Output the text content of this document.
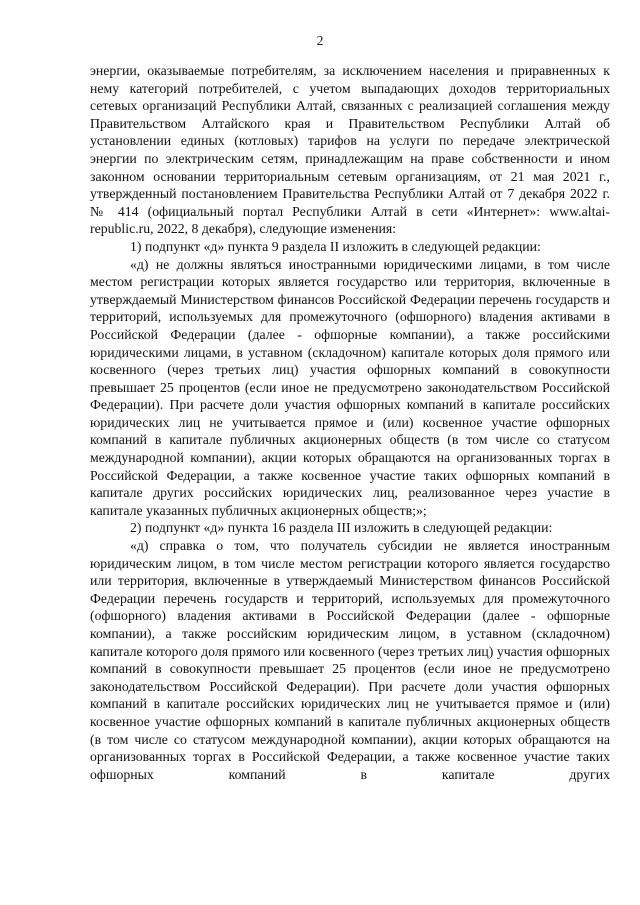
2

энергии, оказываемые потребителям, за исключением населения и приравненных к нему категорий потребителей, с учетом выпадающих доходов территориальных сетевых организаций Республики Алтай, связанных с реализацией соглашения между Правительством Алтайского края и Правительством Республики Алтай об установлении единых (котловых) тарифов на услуги по передаче электрической энергии по электрическим сетям, принадлежащим на праве собственности и ином законном основании территориальным сетевым организациям, от 21 мая 2021 г., утвержденный постановлением Правительства Республики Алтай от 7 декабря 2022 г. № 414 (официальный портал Республики Алтай в сети «Интернет»: www.altai-republic.ru, 2022, 8 декабря), следующие изменения:

1) подпункт «д» пункта 9 раздела II изложить в следующей редакции:

«д) не должны являться иностранными юридическими лицами, в том числе местом регистрации которых является государство или территория, включенные в утверждаемый Министерством финансов Российской Федерации перечень государств и территорий, используемых для промежуточного (офшорного) владения активами в Российской Федерации (далее - офшорные компании), а также российскими юридическими лицами, в уставном (складочном) капитале которых доля прямого или косвенного (через третьих лиц) участия офшорных компаний в совокупности превышает 25 процентов (если иное не предусмотрено законодательством Российской Федерации). При расчете доли участия офшорных компаний в капитале российских юридических лиц не учитывается прямое и (или) косвенное участие офшорных компаний в капитале публичных акционерных обществ (в том числе со статусом международной компании), акции которых обращаются на организованных торгах в Российской Федерации, а также косвенное участие таких офшорных компаний в капитале других российских юридических лиц, реализованное через участие в капитале указанных публичных акционерных обществ;»;

2) подпункт «д» пункта 16 раздела III изложить в следующей редакции:

«д) справка о том, что получатель субсидии не является иностранным юридическим лицом, в том числе местом регистрации которого является государство или территория, включенные в утверждаемый Министерством финансов Российской Федерации перечень государств и территорий, используемых для промежуточного (офшорного) владения активами в Российской Федерации (далее - офшорные компании), а также российским юридическим лицом, в уставном (складочном) капитале которого доля прямого или косвенного (через третьих лиц) участия офшорных компаний в совокупности превышает 25 процентов (если иное не предусмотрено законодательством Российской Федерации). При расчете доли участия офшорных компаний в капитале российских юридических лиц не учитывается прямое и (или) косвенное участие офшорных компаний в капитале публичных акционерных обществ (в том числе со статусом международной компании), акции которых обращаются на организованных торгах в Российской Федерации, а также косвенное участие таких офшорных компаний в капитале других
